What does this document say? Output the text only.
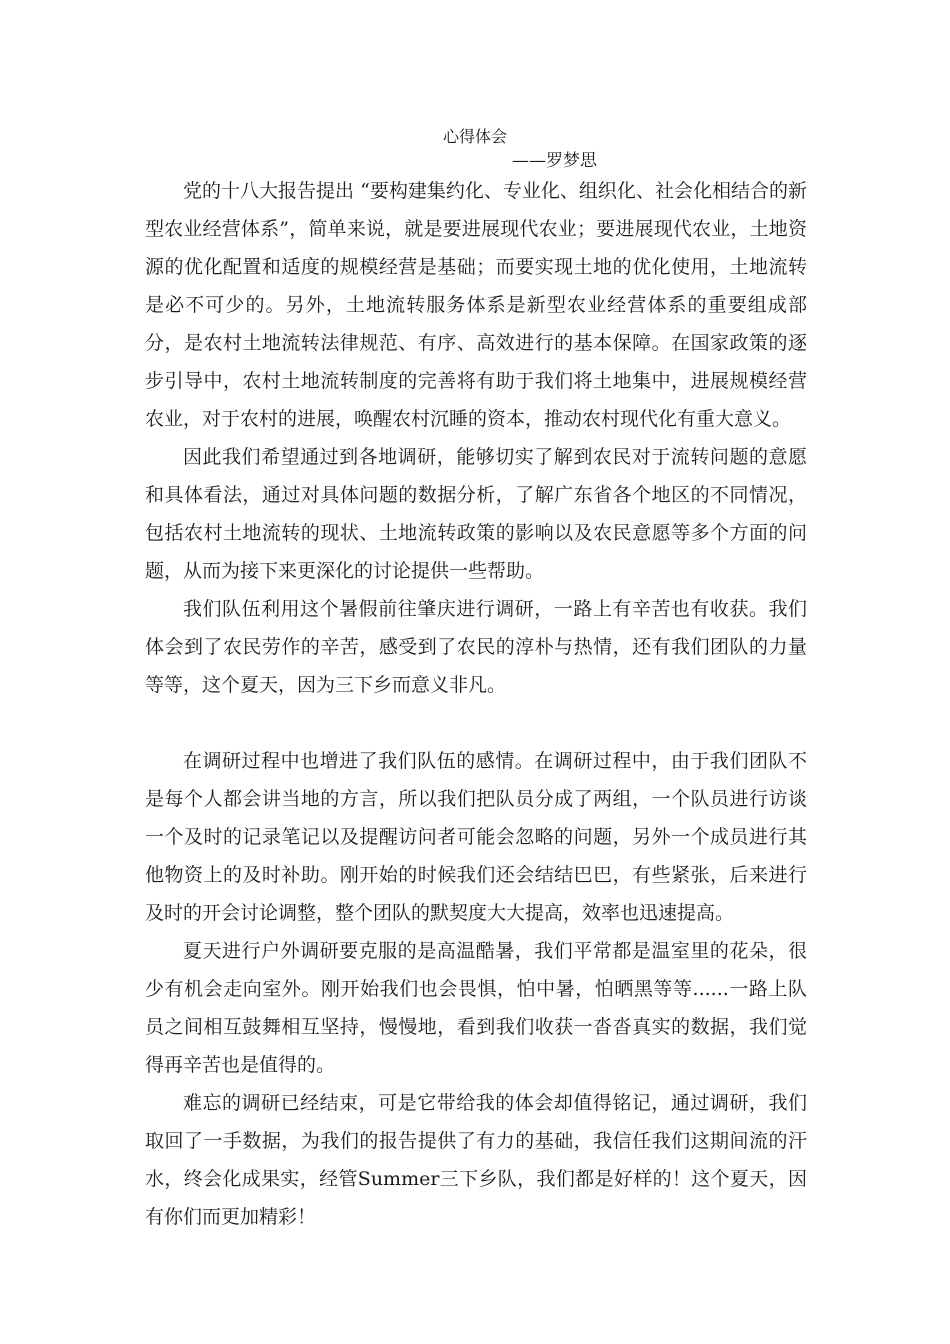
心得体会
——罗梦思

党的十八大报告提出 “要构建集约化、专业化、组织化、社会化相结合的新型农业经营体系”，简单来说，就是要进展现代农业；要进展现代农业，土地资源的优化配置和适度的规模经营是基础；而要实现土地的优化使用，土地流转是必不可少的。另外，土地流转服务体系是新型农业经营体系的重要组成部分，是农村土地流转法律规范、有序、高效进行的基本保障。在国家政策的逐步引导中，农村土地流转制度的完善将有助于我们将土地集中，进展规模经营农业，对于农村的进展，唤醒农村沉睡的资本，推动农村现代化有重大意义。

因此我们希望通过到各地调研，能够切实了解到农民对于流转问题的意愿和具体看法，通过对具体问题的数据分析，了解广东省各个地区的不同情况，包括农村土地流转的现状、土地流转政策的影响以及农民意愿等多个方面的问题，从而为接下来更深化的讨论提供一些帮助。

我们队伍利用这个暑假前往肇庆进行调研，一路上有辛苦也有收获。我们体会到了农民劳作的辛苦，感受到了农民的淳朴与热情，还有我们团队的力量等等，这个夏天，因为三下乡而意义非凡。

在调研过程中也增进了我们队伍的感情。在调研过程中，由于我们团队不是每个人都会讲当地的方言，所以我们把队员分成了两组，一个队员进行访谈一个及时的记录笔记以及提醒访问者可能会忽略的问题，另外一个成员进行其他物资上的及时补助。刚开始的时候我们还会结结巴巴，有些紧张，后来进行及时的开会讨论调整，整个团队的默契度大大提高，效率也迅速提高。

夏天进行户外调研要克服的是高温酷暑，我们平常都是温室里的花朵，很少有机会走向室外。刚开始我们也会畏惧，怕中暑，怕晒黑等等......一路上队员之间相互鼓舞相互坚持，慢慢地，看到我们收获一沓沓真实的数据，我们觉得再辛苦也是值得的。

难忘的调研已经结束，可是它带给我的体会却值得铭记，通过调研，我们取回了一手数据，为我们的报告提供了有力的基础，我信任我们这期间流的汗水，终会化成果实，经管Summer三下乡队，我们都是好样的！这个夏天，因有你们而更加精彩！
